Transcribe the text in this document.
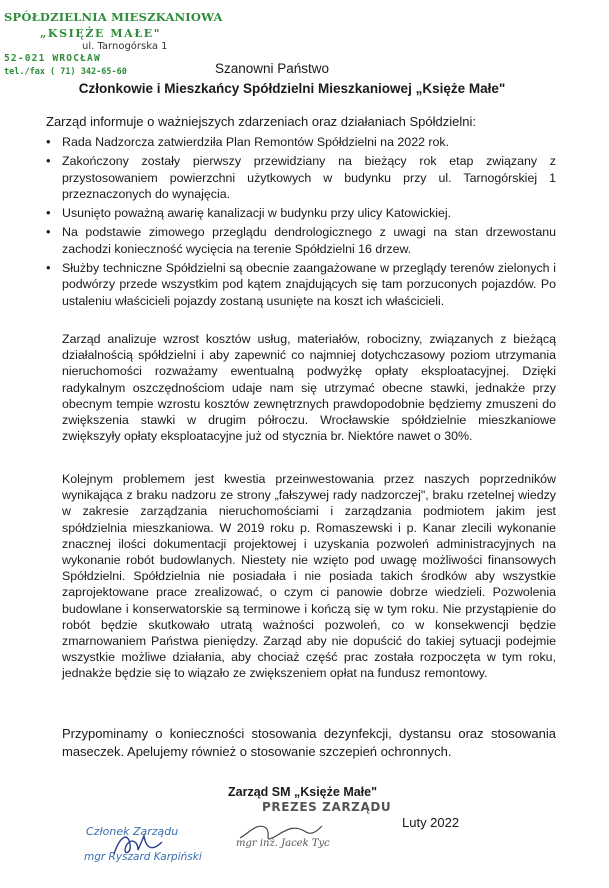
SPÓŁDZIELNIA MIESZKANIOWA
„KSIĘŻE MAŁE"
ul. Tarnogórska 1
52-021 WROCŁAW
tel./fax ( 71) 342-65-60	Szanowni Państwo
Członkowie i Mieszkańcy Spółdzielni Mieszkaniowej „Księże Małe"
Zarząd informuje o ważniejszych zdarzeniach oraz działaniach Spółdzielni:
• Rada Nadzorcza zatwierdziła Plan Remontów Spółdzielni na 2022 rok.
• Zakończony zostały pierwszy przewidziany na bieżący rok etap związany z przystosowaniem powierzchni użytkowych w budynku przy ul. Tarnogórskiej 1 przeznaczonych do wynajęcia.
• Usunięto poważną awarię kanalizacji w budynku przy ulicy Katowickiej.
• Na podstawie zimowego przeglądu dendrologicznego z uwagi na stan drzewostanu zachodzi konieczność wycięcia na terenie Spółdzielni 16 drzew.
• Służby techniczne Spółdzielni są obecnie zaangażowane w przeglądy terenów zielonych i podwórzy przede wszystkim pod kątem znajdujących się tam porzuconych pojazdów. Po ustaleniu właścicieli pojazdy zostaną usunięte na koszt ich właścicieli.

Zarząd analizuje wzrost kosztów usług, materiałów, robocizny, związanych z bieżącą działalnością spółdzielni i aby zapewnić co najmniej dotychczasowy poziom utrzymania nieruchomości rozważamy ewentualną podwyżkę opłaty eksploatacyjnej. Dzięki radykalnym oszczędnościom udaje nam się utrzymać obecne stawki, jednakże przy obecnym tempie wzrostu kosztów zewnętrznych prawdopodobnie będziemy zmuszeni do zwiększenia stawki w drugim półroczu. Wrocławskie spółdzielnie mieszkaniowe zwiększyły opłaty eksploatacyjne już od stycznia br. Niektóre nawet o 30%.

Kolejnym problemem jest kwestia przeinwestowania przez naszych poprzedników wynikająca z braku nadzoru ze strony „fałszywej rady nadzorczej", braku rzetelnej wiedzy w zakresie zarządzania nieruchomościami i zarządzania podmiotem jakim jest spółdzielnia mieszkaniowa. W 2019 roku p. Romaszewski i p. Kanar zlecili wykonanie znacznej ilości dokumentacji projektowej i uzyskania pozwoleń administracyjnych na wykonanie robót budowlanych. Niestety nie wzięto pod uwagę możliwości finansowych Spółdzielni. Spółdzielnia nie posiadała i nie posiada takich środków aby wszystkie zaprojektowane prace zrealizować, o czym ci panowie dobrze wiedzieli. Pozwolenia budowlane i konserwatorskie są terminowe i kończą się w tym roku. Nie przystąpienie do robót będzie skutkowało utratą ważności pozwoleń, co w konsekwencji będzie zmarnowaniem Państwa pieniędzy. Zarząd aby nie dopuścić do takiej sytuacji podejmie wszystkie możliwe działania, aby chociaż część prac została rozpoczęta w tym roku, jednakże będzie się to wiązało ze zwiększeniem opłat na fundusz remontowy.

Przypominamy o konieczności stosowania dezynfekcji, dystansu oraz stosowania maseczek. Apelujemy również o stosowanie szczepień ochronnych.

Zarząd SM „Księże Małe"
PREZES ZARZĄDU
Luty 2022
Członek Zarządu
mgr Ryszard Karpiński
mgr inż. Jacek Tyc
